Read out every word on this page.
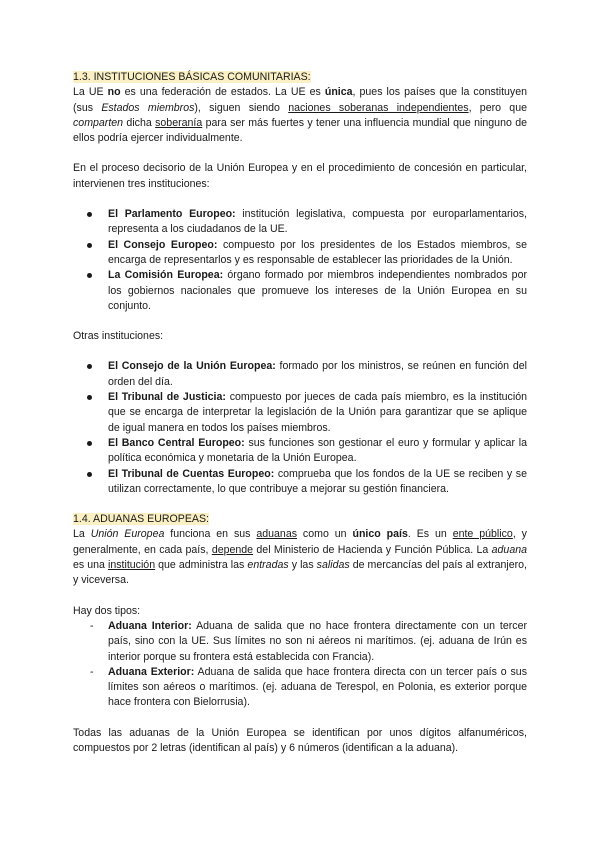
1.3. INSTITUCIONES BÁSICAS COMUNITARIAS:

La UE no es una federación de estados. La UE es única, pues los países que la constituyen (sus Estados miembros), siguen siendo naciones soberanas independientes, pero que comparten dicha soberanía para ser más fuertes y tener una influencia mundial que ninguno de ellos podría ejercer individualmente.

En el proceso decisorio de la Unión Europea y en el procedimiento de concesión en particular, intervienen tres instituciones:

El Parlamento Europeo: institución legislativa, compuesta por europarlamentarios, representa a los ciudadanos de la UE.
El Consejo Europeo: compuesto por los presidentes de los Estados miembros, se encarga de representarlos y es responsable de establecer las prioridades de la Unión.
La Comisión Europea: órgano formado por miembros independientes nombrados por los gobiernos nacionales que promueve los intereses de la Unión Europea en su conjunto.

Otras instituciones:

El Consejo de la Unión Europea: formado por los ministros, se reúnen en función del orden del día.
El Tribunal de Justicia: compuesto por jueces de cada país miembro, es la institución que se encarga de interpretar la legislación de la Unión para garantizar que se aplique de igual manera en todos los países miembros.
El Banco Central Europeo: sus funciones son gestionar el euro y formular y aplicar la política económica y monetaria de la Unión Europea.
El Tribunal de Cuentas Europeo: comprueba que los fondos de la UE se reciben y se utilizan correctamente, lo que contribuye a mejorar su gestión financiera.
1.4. ADUANAS EUROPEAS:

La Unión Europea funciona en sus aduanas como un único país. Es un ente público, y generalmente, en cada país, depende del Ministerio de Hacienda y Función Pública. La aduana es una institución que administra las entradas y las salidas de mercancías del país al extranjero, y viceversa.

Hay dos tipos:

- Aduana Interior: Aduana de salida que no hace frontera directamente con un tercer país, sino con la UE. Sus límites no son ni aéreos ni marítimos. (ej. aduana de Irún es interior porque su frontera está establecida con Francia).
- Aduana Exterior: Aduana de salida que hace frontera directa con un tercer país o sus límites son aéreos o marítimos. (ej. aduana de Terespol, en Polonia, es exterior porque hace frontera con Bielorrusia).

Todas las aduanas de la Unión Europea se identifican por unos dígitos alfanuméricos, compuestos por 2 letras (identifican al país) y 6 números (identifican a la aduana).
